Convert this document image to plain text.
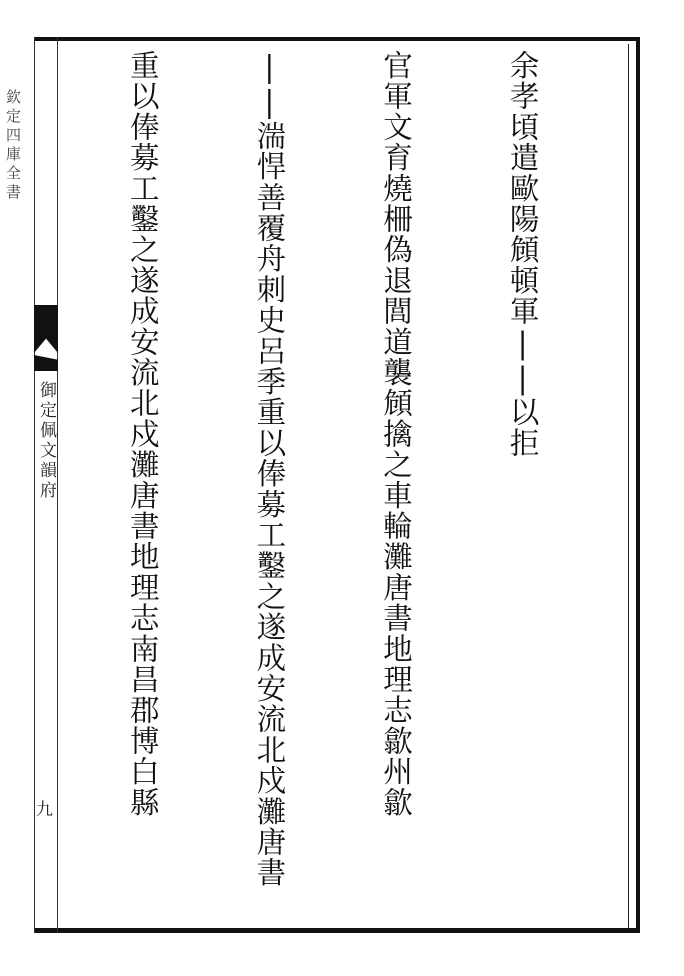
欽定四庫全書
御定佩文韻府
九

余孝頃遣歐陽頠頓軍||以拒

官軍文育燒柵偽退閭道襲頠擒之車輪灘唐書地理志歙州歙

||湍悍善覆舟刺史呂季重以俸募工鑿之遂成安流北戍灘唐書

重以俸募工鑿之遂成安流北戍灘唐書地理志南昌郡博白縣
